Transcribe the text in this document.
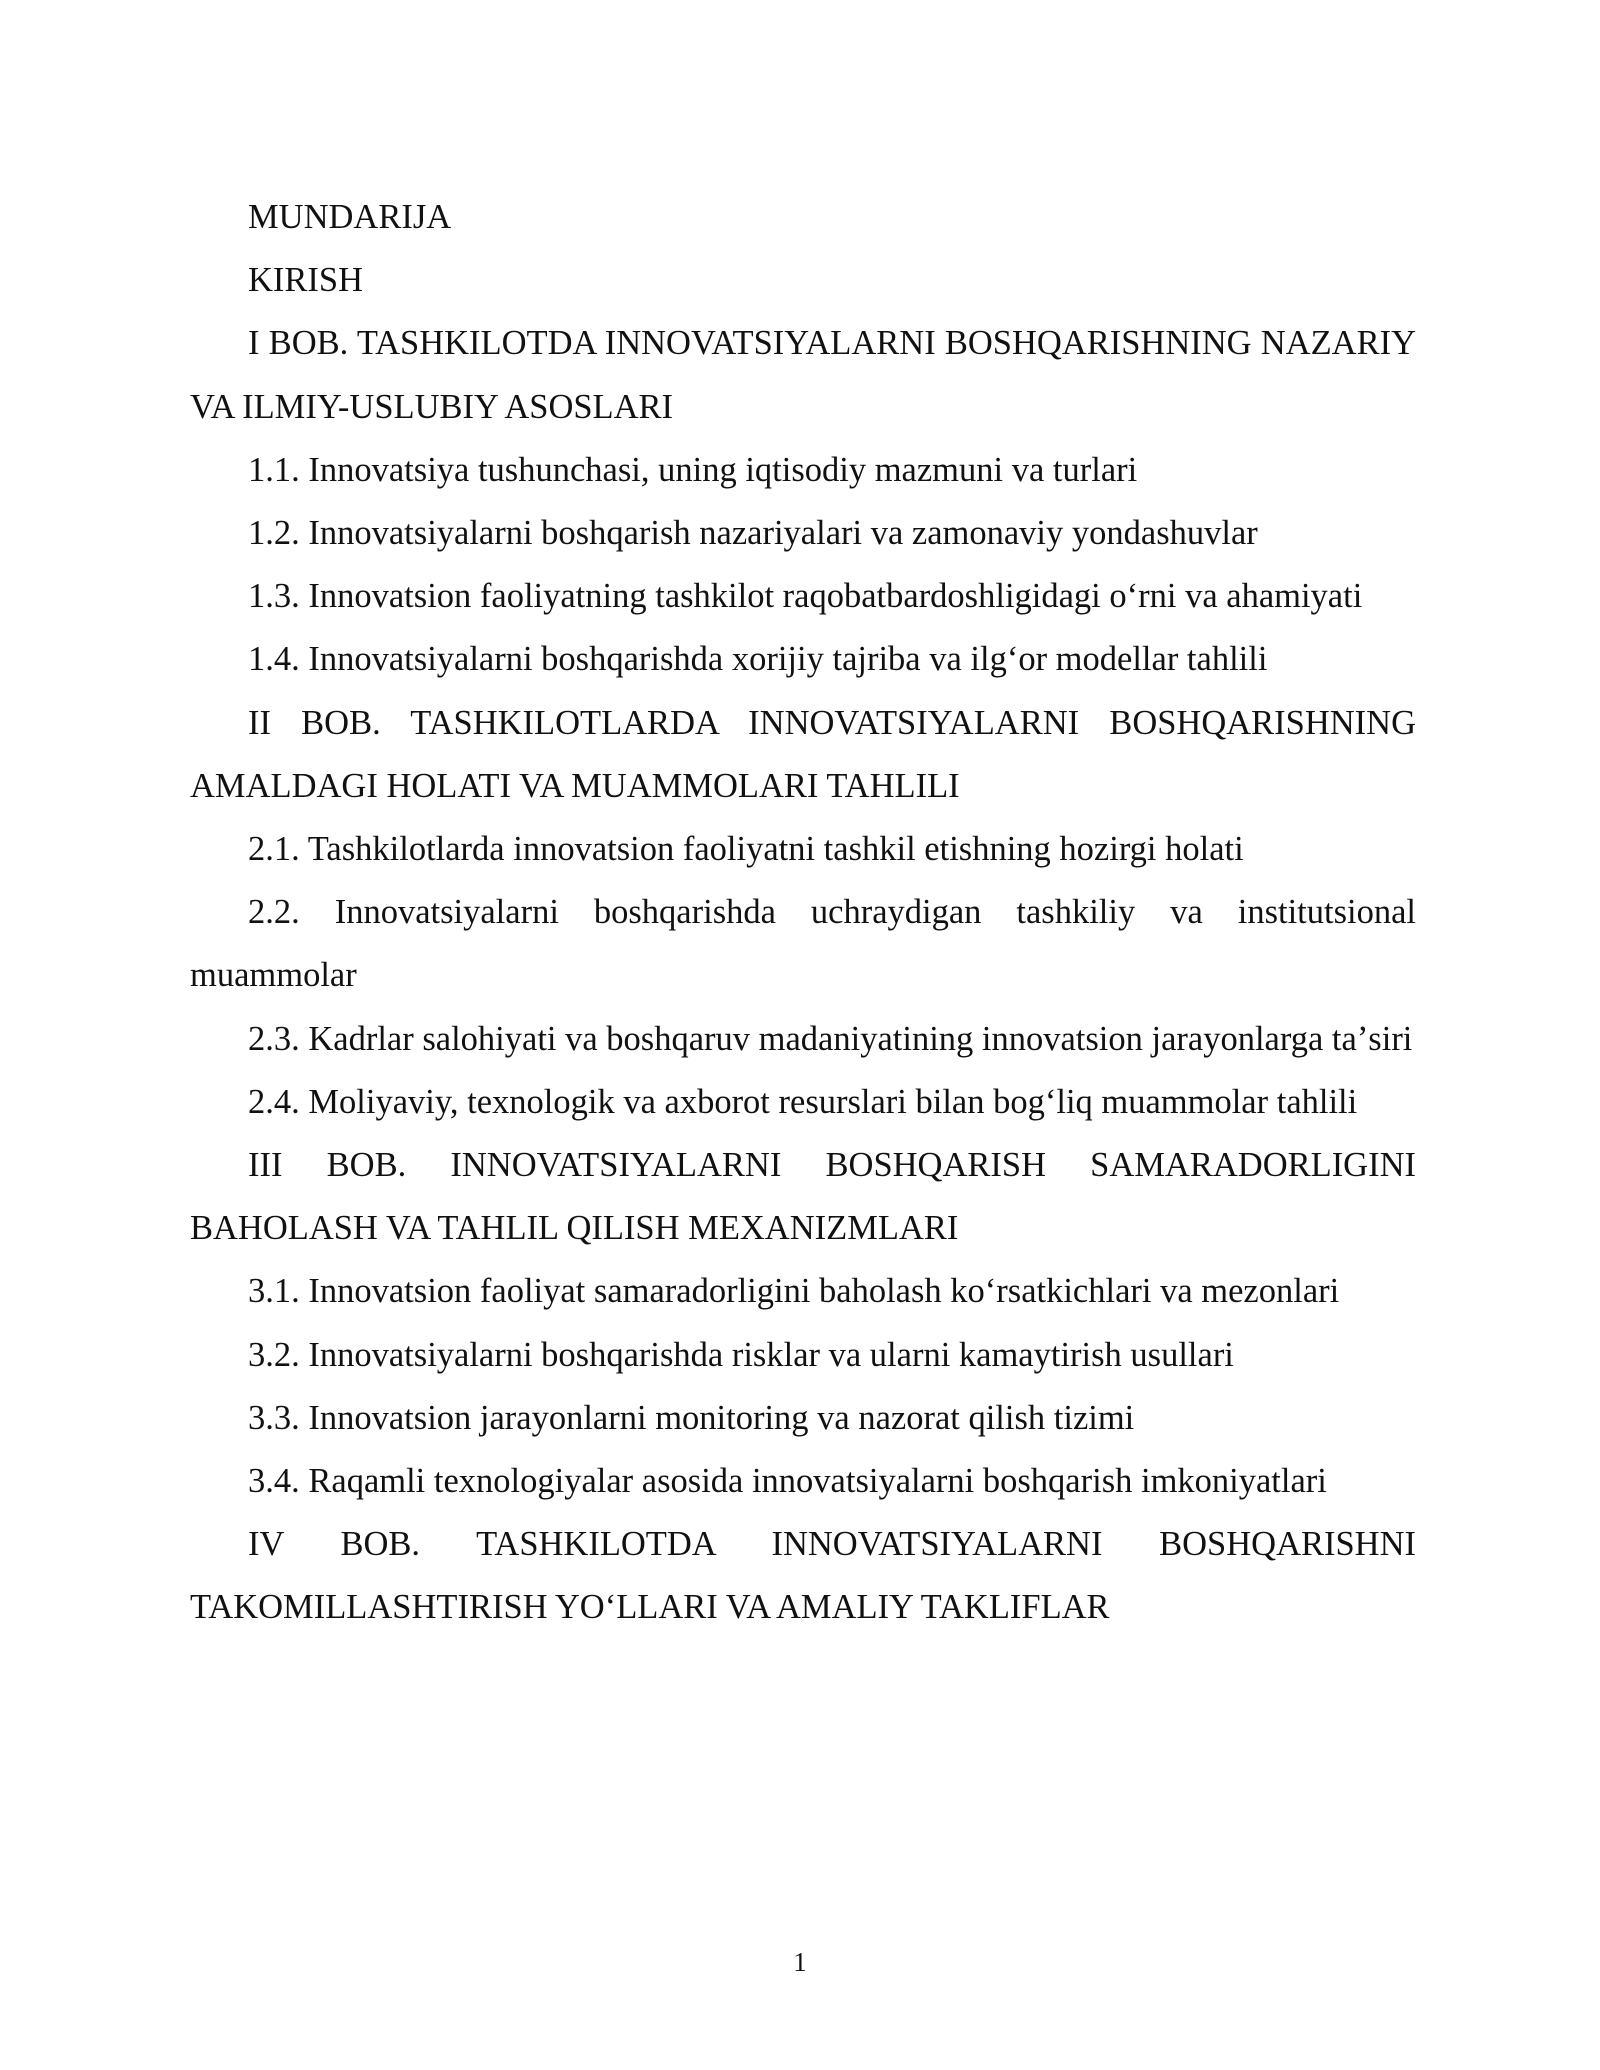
MUNDARIJA

KIRISH

I BOB. TASHKILOTDA INNOVATSIYALARNI BOSHQARISHNING NAZARIY VA ILMIY-USLUBIY ASOSLARI

1.1. Innovatsiya tushunchasi, uning iqtisodiy mazmuni va turlari

1.2. Innovatsiyalarni boshqarish nazariyalari va zamonaviy yondashuvlar

1.3. Innovatsion faoliyatning tashkilot raqobatbardoshligidagi oʻrni va ahamiyati

1.4. Innovatsiyalarni boshqarishda xorijiy tajriba va ilgʻor modellar tahlili

II BOB. TASHKILOTLARDA INNOVATSIYALARNI BOSHQARISHNING AMALDAGI HOLATI VA MUAMMOLARI TAHLILI

2.1. Tashkilotlarda innovatsion faoliyatni tashkil etishning hozirgi holati

2.2. Innovatsiyalarni boshqarishda uchraydigan tashkiliy va institutsional muammolar

2.3. Kadrlar salohiyati va boshqaruv madaniyatining innovatsion jarayonlarga taʼsiri

2.4. Moliyaviy, texnologik va axborot resurslari bilan bogʻliq muammolar tahlili

III BOB. INNOVATSIYALARNI BOSHQARISH SAMARADORLIGINI BAHOLASH VA TAHLIL QILISH MEXANIZMLARI

3.1. Innovatsion faoliyat samaradorligini baholash koʻrsatkichlari va mezonlari

3.2. Innovatsiyalarni boshqarishda risklar va ularni kamaytirish usullari

3.3. Innovatsion jarayonlarni monitoring va nazorat qilish tizimi

3.4. Raqamli texnologiyalar asosida innovatsiyalarni boshqarish imkoniyatlari

IV BOB. TASHKILOTDA INNOVATSIYALARNI BOSHQARISHNI TAKOMILLASHTIRISH YOʻLLARI VA AMALIY TAKLIFLAR

1
